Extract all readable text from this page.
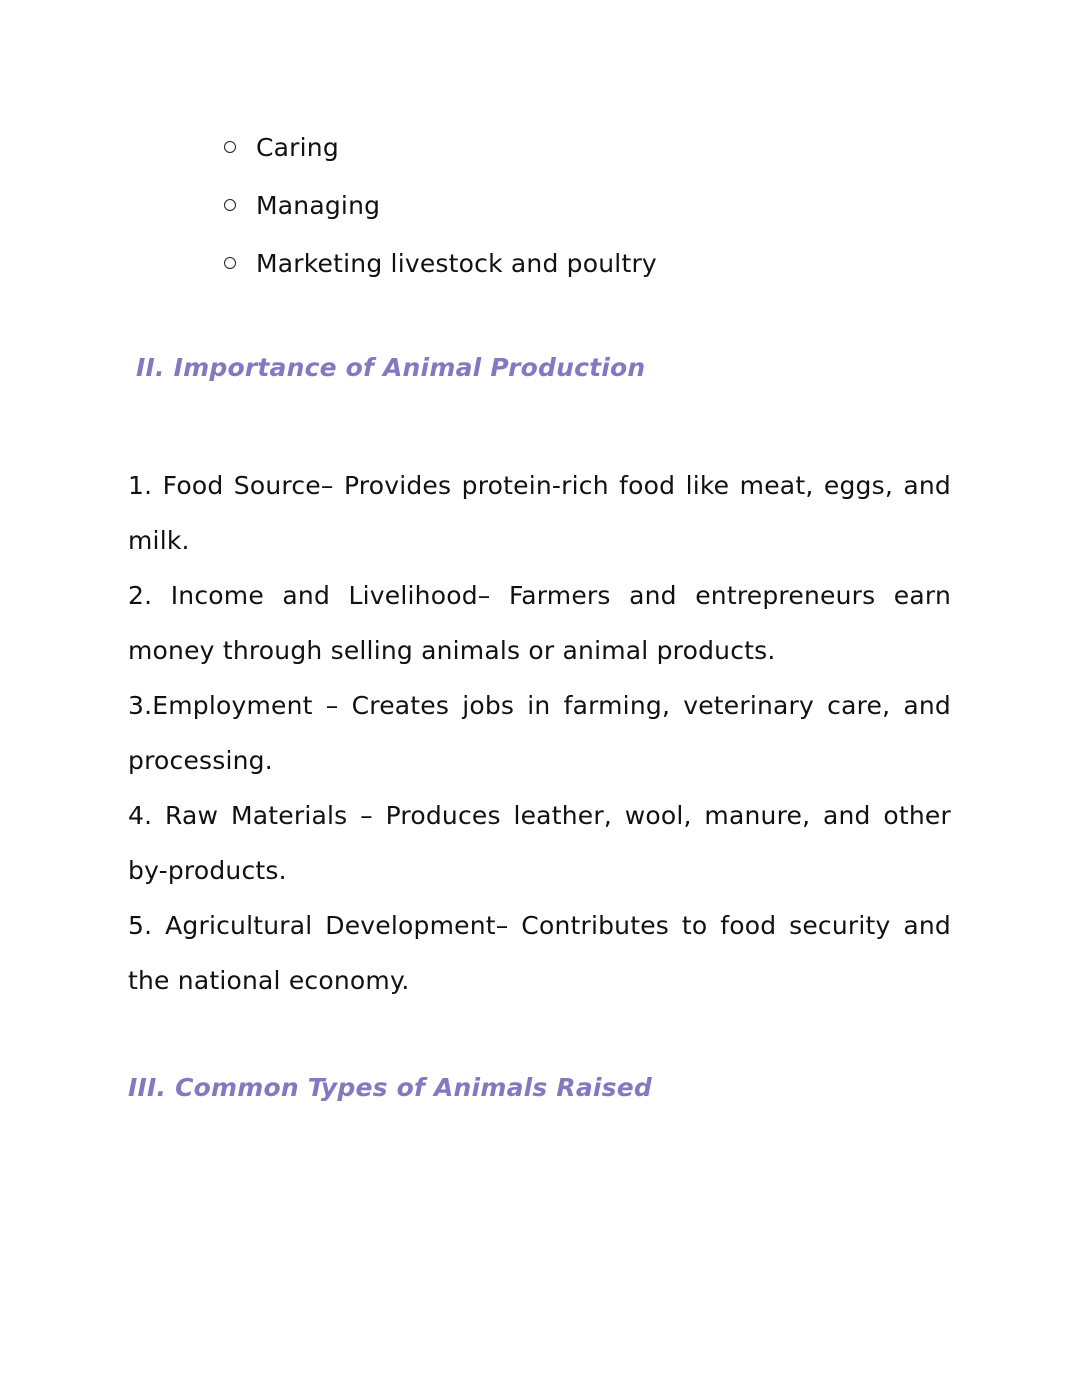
Caring
Managing
Marketing livestock and poultry
II. Importance of Animal Production

1. Food Source– Provides protein-rich food like meat, eggs, and milk.

2. Income and Livelihood– Farmers and entrepreneurs earn money through selling animals or animal products.

3.Employment – Creates jobs in farming, veterinary care, and processing.

4. Raw Materials – Produces leather, wool, manure, and other by-products.

5. Agricultural Development– Contributes to food security and the national economy.

III. Common Types of Animals Raised
